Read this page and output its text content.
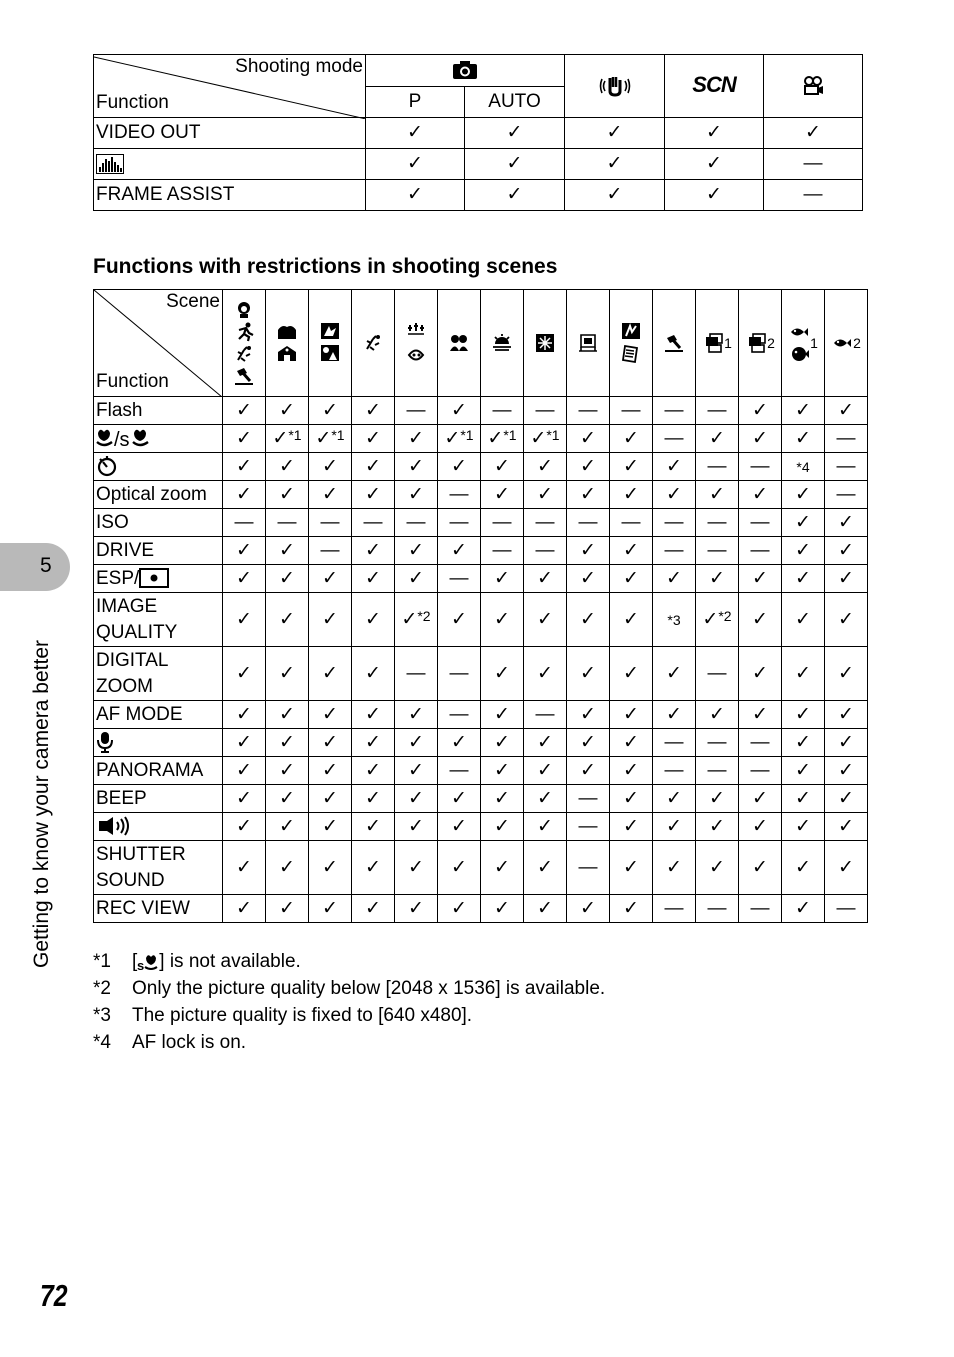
Shooting mode
Function				SCN	
	P	AUTO			
VIDEO OUT	✓	✓	✓	✓	✓
	✓	✓	✓	✓	—
FRAME ASSIST	✓	✓	✓	✓	—
Functions with restrictions in shooting scenes
Scene
Function												1	2	1	2
Flash	✓	✓	✓	✓	—	✓	—	—	—	—	—	—	✓	✓	✓

/s	✓	✓$^{*1}$	✓$^{*1}$	✓	✓	✓$^{*1}$	✓$^{*1}$	✓$^{*1}$	✓	✓	—	✓	✓	✓	—
	✓	✓	✓	✓	✓	✓	✓	✓	✓	✓	✓	—	—	*4	—
Optical zoom	✓	✓	✓	✓	✓	—	✓	✓	✓	✓	✓	✓	✓	✓	—
ISO	—	—	—	—	—	—	—	—	—	—	—	—	—	✓	✓
DRIVE	✓	✓	—	✓	✓	✓	—	—	✓	✓	—	—	—	✓	✓
ESP/	✓	✓	✓	✓	✓	—	✓	✓	✓	✓	✓	✓	✓	✓	✓
IMAGE QUALITY	✓	✓	✓	✓	✓$^{*2}$	✓	✓	✓	✓	✓	*3	✓$^{*2}$	✓	✓	✓
DIGITAL ZOOM	✓	✓	✓	✓	—	—	✓	✓	✓	✓	✓	—	✓	✓	✓
AF MODE	✓	✓	✓	✓	✓	—	✓	—	✓	✓	✓	✓	✓	✓	✓
	✓	✓	✓	✓	✓	✓	✓	✓	✓	✓	—	—	—	✓	✓
PANORAMA	✓	✓	✓	✓	✓	—	✓	✓	✓	✓	—	—	—	✓	✓
BEEP	✓	✓	✓	✓	✓	✓	✓	✓	—	✓	✓	✓	✓	✓	✓
	✓	✓	✓	✓	✓	✓	✓	✓	—	✓	✓	✓	✓	✓	✓
SHUTTER SOUND	✓	✓	✓	✓	✓	✓	✓	✓	—	✓	✓	✓	✓	✓	✓
REC VIEW	✓	✓	✓	✓	✓	✓	✓	✓	✓	✓	—	—	—	✓	—
*1	[ s ] is not available.
*2	Only the picture quality below [2048 x 1536] is available.
*3	The picture quality is fixed to [640 x480].
*4	AF lock is on.
5
Getting to know your camera better
72
